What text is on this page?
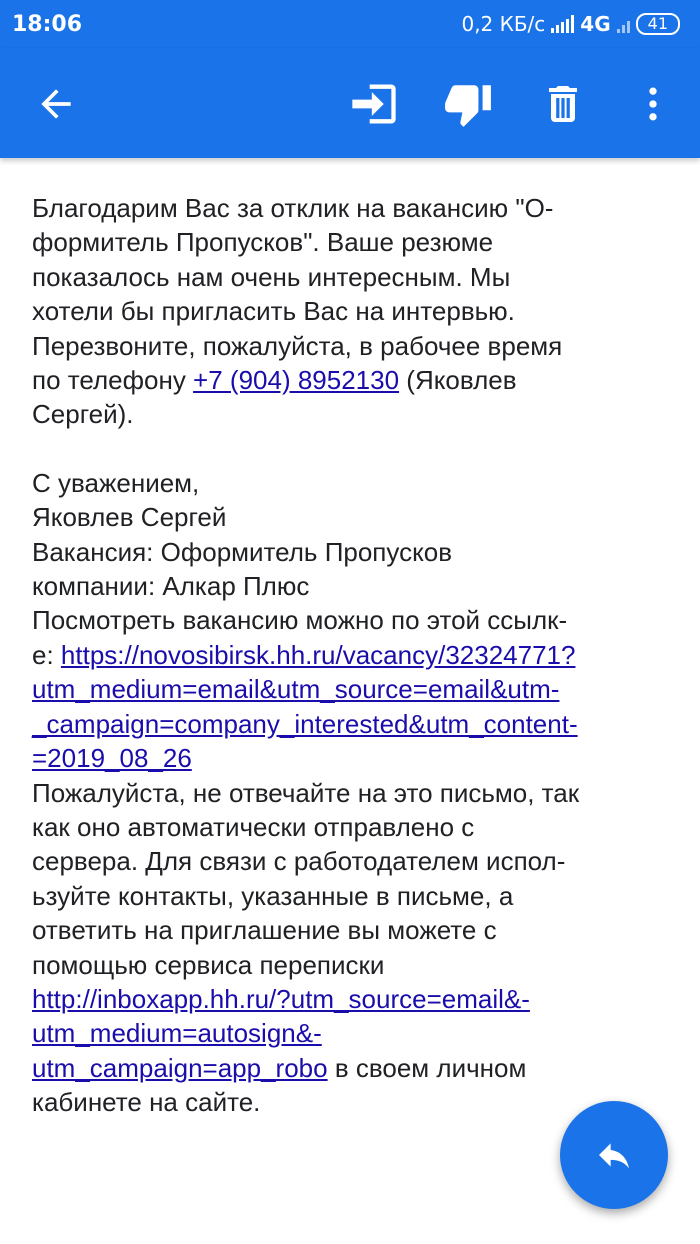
18:06	0,2 КБ/с 4G	41

Благодарим Вас за отклик на вакансию "О-

формитель Пропусков". Ваше резюме

показалось нам очень интересным. Мы

хотели бы пригласить Вас на интервью.

Перезвоните, пожалуйста, в рабочее время

по телефону +7 (904) 8952130 (Яковлев

Сергей).

С уважением,

Яковлев Сергей

Вакансия: Оформитель Пропусков

компании: Алкар Плюс

Посмотреть вакансию можно по этой ссылк-

е: https://novosibirsk.hh.ru/vacancy/32324771?

utm_medium=email&utm_source=email&utm-

_campaign=company_interested&utm_content-

=2019_08_26

Пожалуйста, не отвечайте на это письмо, так

как оно автоматически отправлено с

сервера. Для связи с работодателем испол-

ьзуйте контакты, указанные в письме, а

ответить на приглашение вы можете с

помощью сервиса переписки

http://inboxapp.hh.ru/?utm_source=email&-

utm_medium=autosign&-

utm_campaign=app_robo в своем личном

кабинете на сайте.
